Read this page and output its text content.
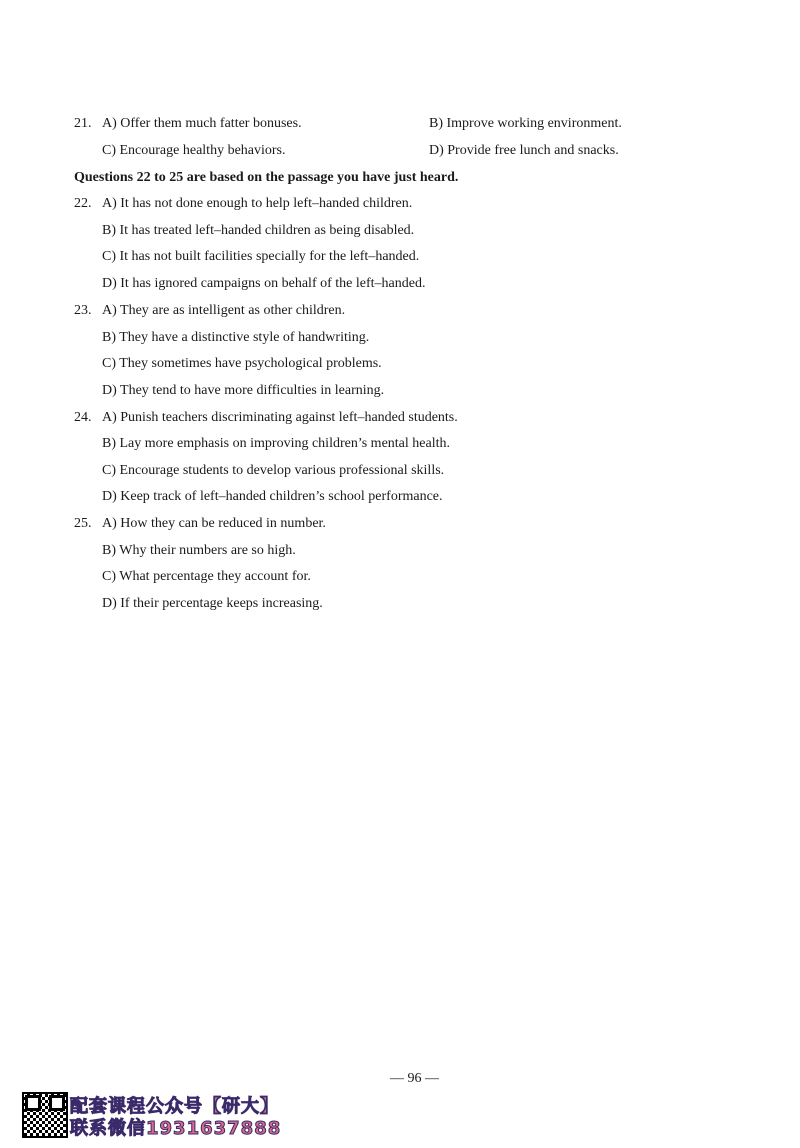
21. A) Offer them much fatter bonuses.	B) Improve working environment.
C) Encourage healthy behaviors.	D) Provide free lunch and snacks.
Questions 22 to 25 are based on the passage you have just heard.
22. A) It has not done enough to help left–handed children.
B) It has treated left–handed children as being disabled.
C) It has not built facilities specially for the left–handed.
D) It has ignored campaigns on behalf of the left–handed.
23. A) They are as intelligent as other children.
B) They have a distinctive style of handwriting.
C) They sometimes have psychological problems.
D) They tend to have more difficulties in learning.
24. A) Punish teachers discriminating against left–handed students.
B) Lay more emphasis on improving children’s mental health.
C) Encourage students to develop various professional skills.
D) Keep track of left–handed children’s school performance.
25. A) How they can be reduced in number.
B) Why their numbers are so high.
C) What percentage they account for.
D) If their percentage keeps increasing.
— 96 —
配套课程公众号【研大】
联系微信1931637888
